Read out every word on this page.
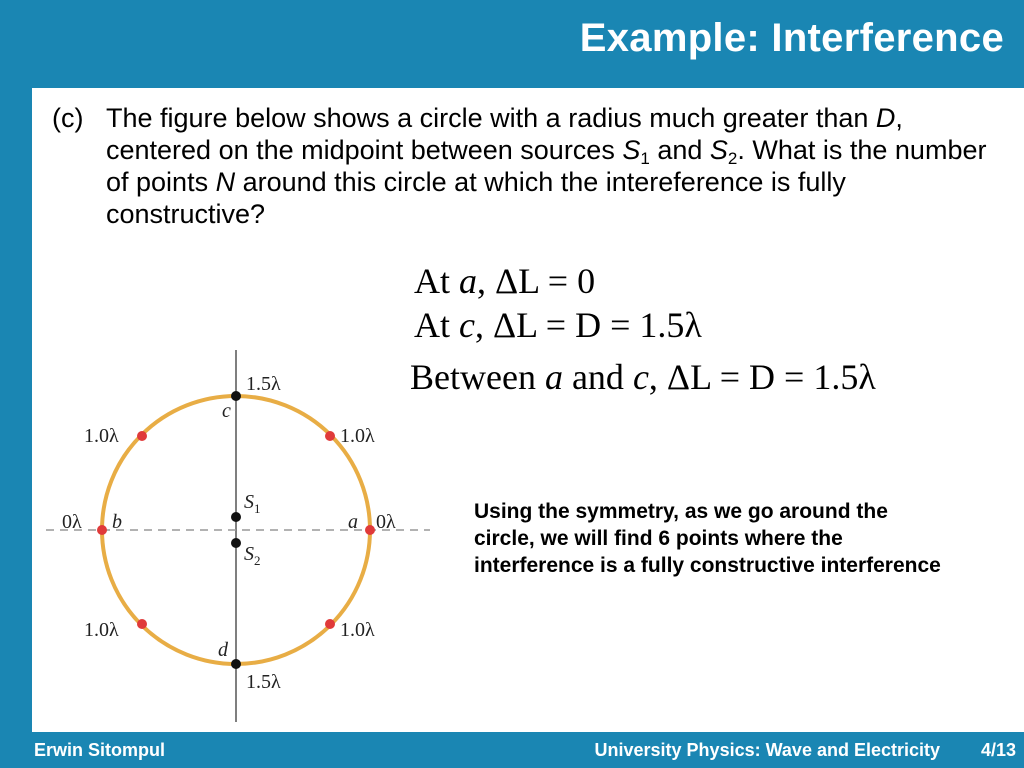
Example: Interference
(c) The figure below shows a circle with a radius much greater than D, centered on the midpoint between sources $S_1$ and $S_2$. What is the number of points N around this circle at which the intereference is fully constructive?
At a, ΔL = 0
At c, ΔL = D = 1.5λ
Between a and c, ΔL = D = 1.5λ
Using the symmetry, as we go around the circle, we will find 6 points where the interference is a fully constructive interference
1.5λ
c
1.0λ	1.0λ
0λ b	a 0λ
$S_1$
$S_2$
1.0λ	1.0λ
d
1.5λ
Erwin Sitompul	University Physics: Wave and Electricity 4/13
